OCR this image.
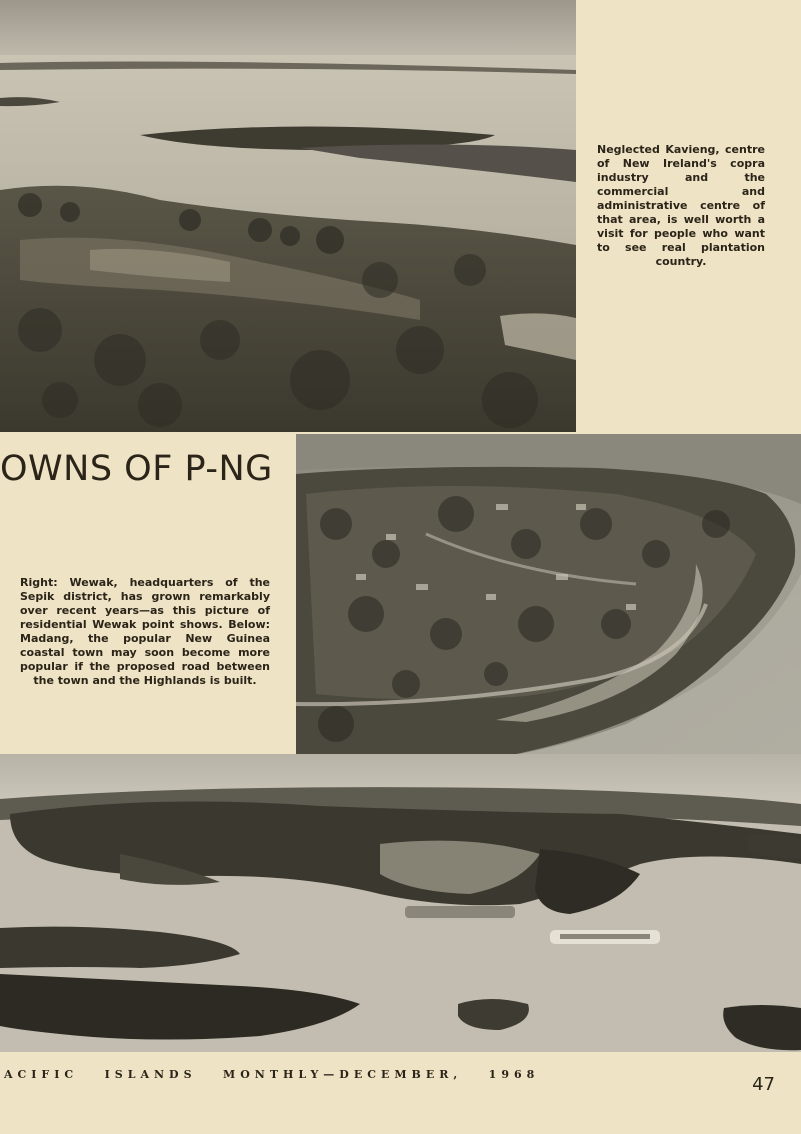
Neglected Kavieng, centre of New Ireland's copra industry and the commercial and administrative centre of that area, is well worth a visit for people who want to see real plantation country.

OWNS OF P-NG

Right: Wewak, headquarters of the Sepik district, has grown remarkably over recent years—as this picture of residential Wewak point shows. Below: Madang, the popular New Guinea coastal town may soon become more popular if the proposed road between the town and the Highlands is built.

ACIFIC   ISLANDS   MONTHLY—DECEMBER,   1968	47
